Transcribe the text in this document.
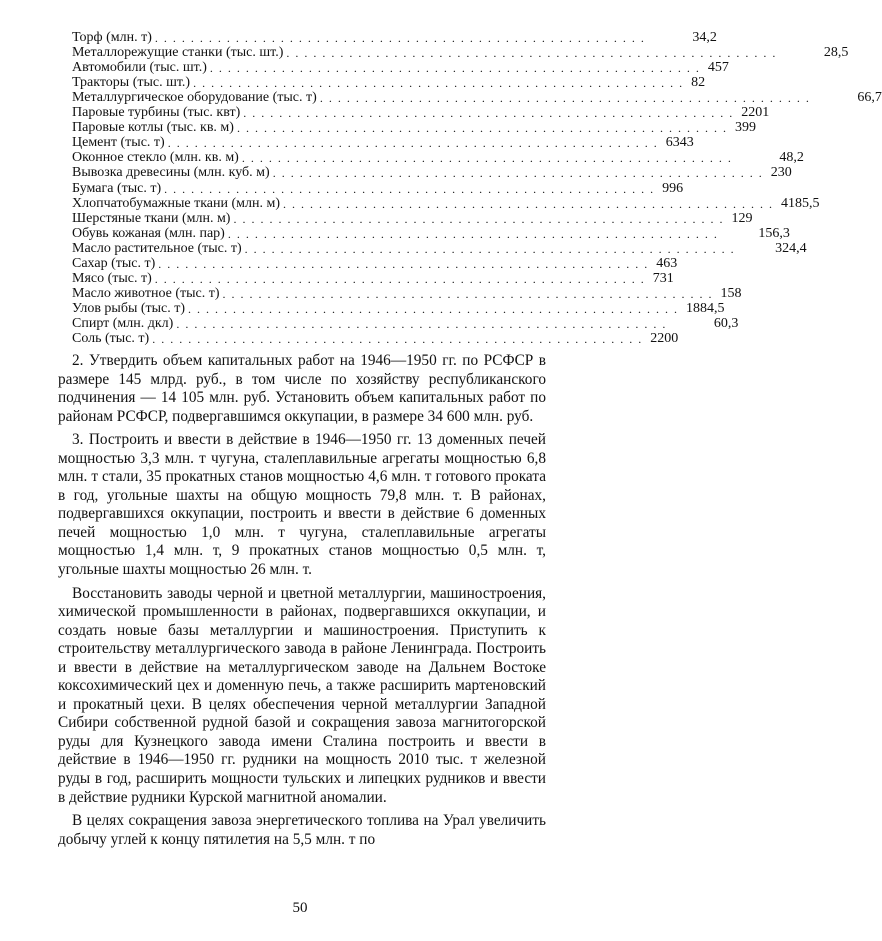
Торф (млн. т) .......................................................	34,2
Металлорежущие станки (тыс. шт.) .......................................................	28,5
Автомобили (тыс. шт.) ....................................................... 457
Тракторы (тыс. шт.) ....................................................... 82
Металлургическое оборудование (тыс. т) .......................................................	66,7
Паровые турбины (тыс. квт) ....................................................... 2201
Паровые котлы (тыс. кв. м) ....................................................... 399
Цемент (тыс. т) ....................................................... 6343
Оконное стекло (млн. кв. м) .......................................................	48,2
Вывозка древесины (млн. куб. м) ....................................................... 230
Бумага (тыс. т) ....................................................... 996
Хлопчатобумажные ткани (млн. м) ....................................................... 4185,5
Шерстяные ткани (млн. м) ....................................................... 129
Обувь кожаная (млн. пар) .......................................................	156,3
Масло растительное (тыс. т) .......................................................	324,4
Сахар (тыс. т) ....................................................... 463
Мясо (тыс. т) ....................................................... 731
Масло животное (тыс. т) ....................................................... 158
Улов рыбы (тыс. т) ....................................................... 1884,5
Спирт (млн. дкл) .......................................................	60,3
Соль (тыс. т) ....................................................... 2200

2. Утвердить объем капитальных работ на 1946—1950 гг. по РСФСР в размере 145 млрд. руб., в том числе по хозяйству республиканского подчинения — 14 105 млн. руб. Установить объем капитальных работ по районам РСФСР, подвергавшимся оккупации, в размере 34 600 млн. руб.

3. Построить и ввести в действие в 1946—1950 гг. 13 доменных печей мощностью 3,3 млн. т чугуна, сталеплавильные агрегаты мощностью 6,8 млн. т стали, 35 прокатных станов мощностью 4,6 млн. т готового проката в год, угольные шахты на общую мощность 79,8 млн. т. В районах, подвергавшихся оккупации, построить и ввести в действие 6 доменных печей мощностью 1,0 млн. т чугуна, сталеплавильные агрегаты мощностью 1,4 млн. т, 9 прокатных станов мощностью 0,5 млн. т, угольные шахты мощностью 26 млн. т.

Восстановить заводы черной и цветной металлургии, машиностроения, химической промышленности в районах, подвергавшихся оккупации, и создать новые базы металлургии и машиностроения. Приступить к строительству металлургического завода в районе Ленинграда. Построить и ввести в действие на металлургическом заводе на Дальнем Востоке коксохимический цех и доменную печь, а также расширить мартеновский и прокатный цехи. В целях обеспечения черной металлургии Западной Сибири собственной рудной базой и сокращения завоза магнитогорской руды для Кузнецкого завода имени Сталина построить и ввести в действие в 1946—1950 гг. рудники на мощность 2010 тыс. т железной руды в год, расширить мощности тульских и липецких рудников и ввести в действие рудники Курской магнитной аномалии.

В целях сокращения завоза энергетического топлива на Урал увеличить добычу углей к концу пятилетия на 5,5 млн. т по

50
